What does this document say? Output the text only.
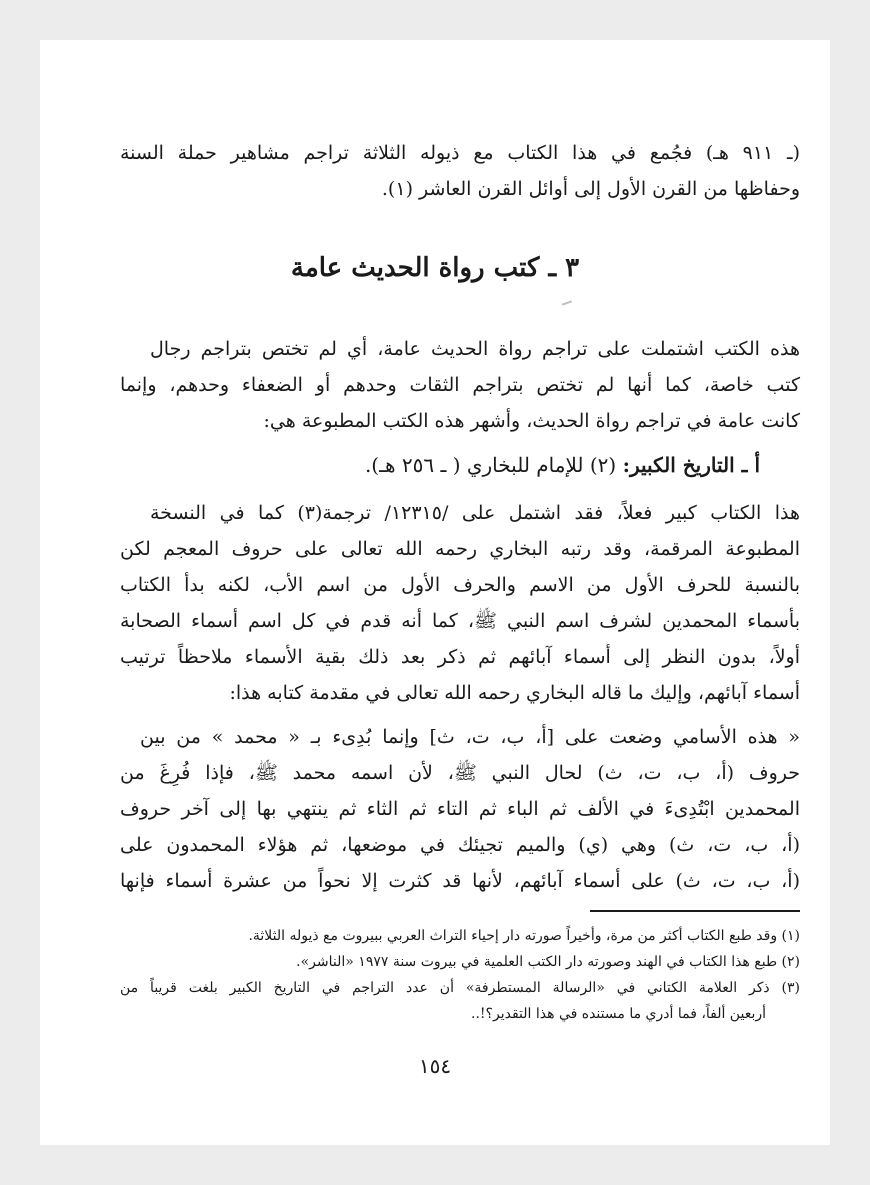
(ـ ٩١١ هـ) فجُمع في هذا الكتاب مع ذيوله الثلاثة تراجم مشاهير حملة السنة
وحفاظها من القرن الأول إلى أوائل القرن العاشر (١).
٣ ـ كتب رواة الحديث عامة
هذه الكتب اشتملت على تراجم رواة الحديث عامة، أي لم تختص بتراجم رجال
كتب خاصة، كما أنها لم تختص بتراجم الثقات وحدهم أو الضعفاء وحدهم، وإنما
كانت عامة في تراجم رواة الحديث، وأشهر هذه الكتب المطبوعة هي:
أ ـ التاريخ الكبير: (٢) للإمام للبخاري ( ـ ٢٥٦ هـ).
هذا الكتاب كبير فعلاً، فقد اشتمل على /١٢٣١٥/ ترجمة(٣) كما في النسخة
المطبوعة المرقمة، وقد رتبه البخاري رحمه الله تعالى على حروف المعجم لكن
بالنسبة للحرف الأول من الاسم والحرف الأول من اسم الأب، لكنه بدأ الكتاب
بأسماء المحمدين لشرف اسم النبي ﷺ، كما أنه قدم في كل اسم أسماء الصحابة
أولاً، بدون النظر إلى أسماء آبائهم ثم ذكر بعد ذلك بقية الأسماء ملاحظاً ترتيب
أسماء آبائهم، وإليك ما قاله البخاري رحمه الله تعالى في مقدمة كتابه هذا:
« هذه الأسامي وضعت على [أ، ب، ت، ث] وإنما بُدِىء بـ « محمد » من بين
حروف (أ، ب، ت، ث) لحال النبي ﷺ، لأن اسمه محمد ﷺ، فإذا فُرِغَ من
المحمدين ابْتُدِىءَ في الألف ثم الباء ثم التاء ثم الثاء ثم ينتهي بها إلى آخر حروف
(أ، ب، ت، ث) وهي (ي) والميم تجيئك في موضعها، ثم هؤلاء المحمدون على
(أ، ب، ت، ث) على أسماء آبائهم، لأنها قد كثرت إلا نحواً من عشرة أسماء فإنها
(١) وقد طبع الكتاب أكثر من مرة، وأخيراً صورته دار إحياء التراث العربي ببيروت مع ذيوله الثلاثة.
(٢) طبع هذا الكتاب في الهند وصورته دار الكتب العلمية في بيروت سنة ١٩٧٧ «الناشر».
(٣) ذكر العلامة الكتاني في «الرسالة المستطرفة» أن عدد التراجم في التاريخ الكبير بلغت قريباً من
أربعين ألفاً، فما أدري ما مستنده في هذا التقدير؟!..
١٥٤
